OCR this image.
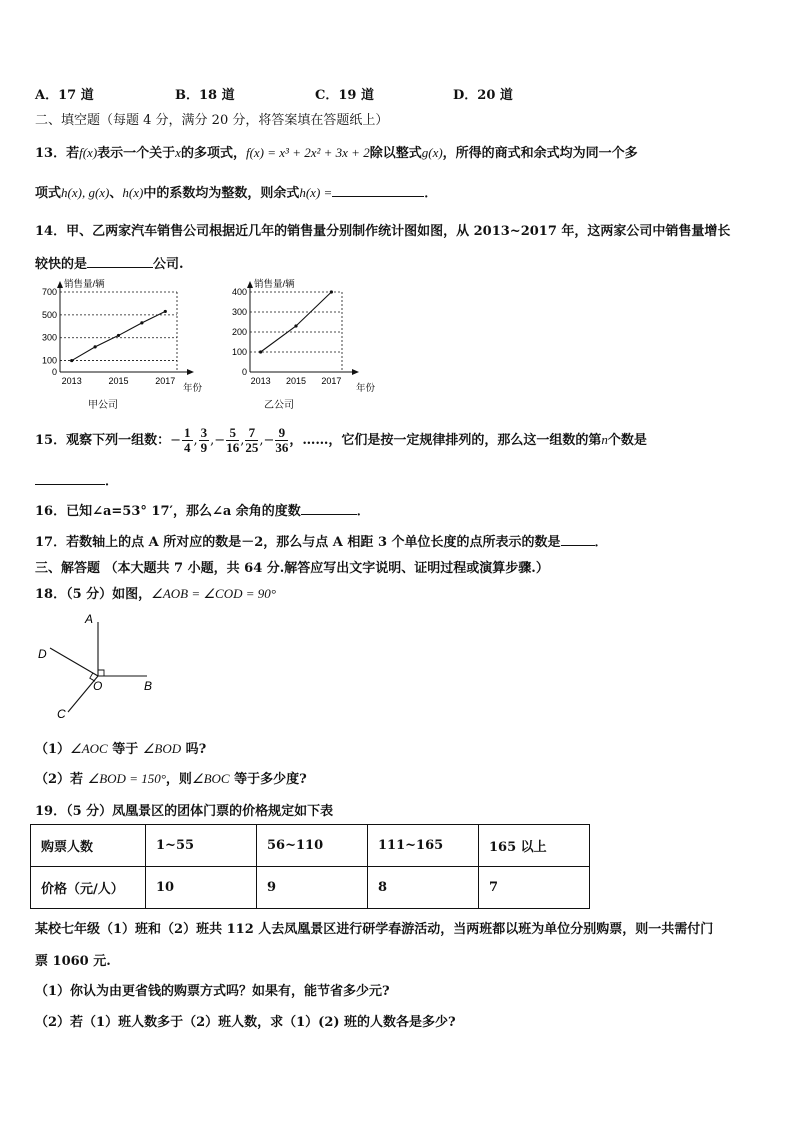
A．17 道	B．18 道	C．19 道	D．20 道
二、填空题（每题 4 分，满分 20 分，将答案填在答题纸上）
13．若f(x)表示一个关于x的多项式，f(x) = x³ + 2x² + 3x + 2除以整式g(x)，所得的商式和余式均为同一个多
项式h(x), g(x)、h(x)中的系数均为整数，则余式h(x) =	．
14．甲、乙两家汽车销售公司根据近几年的销售量分别制作统计图如图，从 2013~2017 年，这两家公司中销售量增长
较快的是	公司.
0
100
300
500
700
2013	2015	2017
销售量/辆
年份
甲公司
0
100
200
300
400
2013 2015 2017
销售量/辆
年份
乙公司
15．观察下列一组数：− $\frac{1}{4}$ , $\frac{3}{9}$ ,− $\frac{5}{16}$ , $\frac{7}{25}$ ,− $\frac{9}{36}$ ，……，它们是按一定规律排列的，那么这一组数的第n个数是
．
16．已知∠a=53° 17′，那么∠a 余角的度数	．
17．若数轴上的点 A 所对应的数是－2，那么与点 A 相距 3 个单位长度的点所表示的数是	．
三、解答题 （本大题共 7 小题，共 64 分.解答应写出文字说明、证明过程或演算步骤.）
18．（5 分）如图，∠AOB = ∠COD = 90°
A
B
C
D
O
（1）∠AOC 等于 ∠BOD 吗?
（2）若 ∠BOD = 150°，则∠BOC 等于多少度?
19．（5 分）凤凰景区的团体门票的价格规定如下表
购票人数	1~55	56~110	111~165	165 以上
价格（元/人）	10	9	8	7
某校七年级（1）班和（2）班共 112 人去凤凰景区进行研学春游活动，当两班都以班为单位分别购票，则一共需付门
票 1060 元.
（1）你认为由更省钱的购票方式吗？如果有，能节省多少元?
（2）若（1）班人数多于（2）班人数，求（1）(2) 班的人数各是多少?
